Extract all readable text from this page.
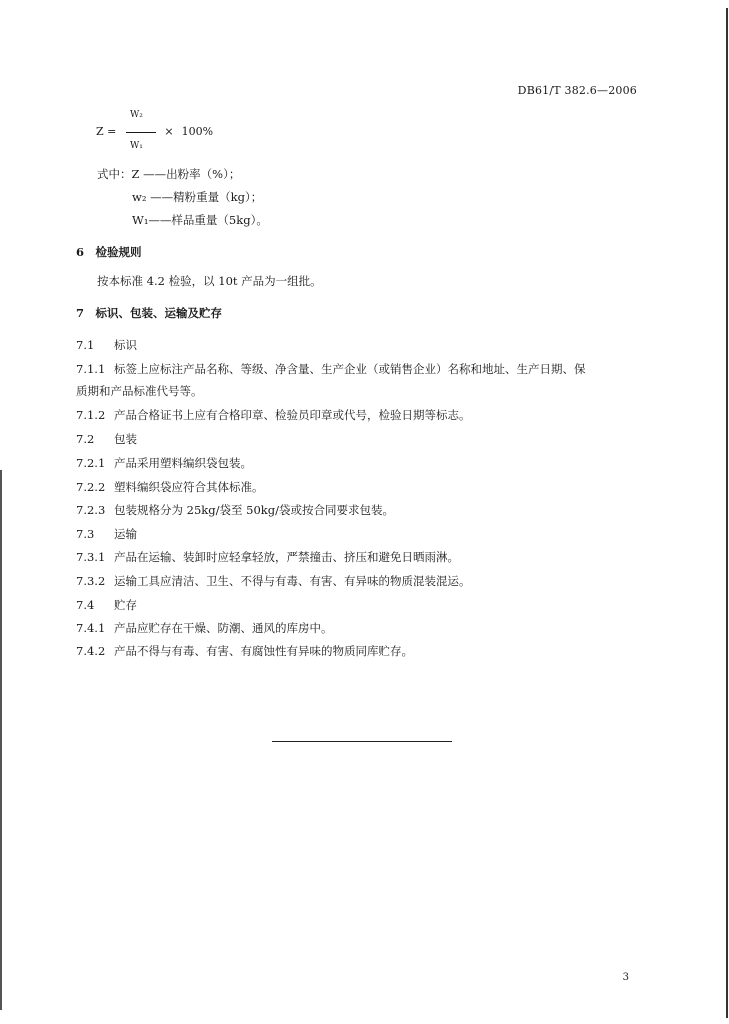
DB61/T 382.6—2006
W₂
Z =	× 100%
W₁
式中：Z ——出粉率（%）；
w₂ ——精粉重量（kg）；
W₁——样品重量（5kg）。
6　检验规则
按本标准 4.2 检验，以 10t 产品为一组批。
7　标识、包装、运输及贮存
7.1 标识
7.1.1 标签上应标注产品名称、等级、净含量、生产企业（或销售企业）名称和地址、生产日期、保
质期和产品标准代号等。
7.1.2 产品合格证书上应有合格印章、检验员印章或代号，检验日期等标志。
7.2 包装
7.2.1 产品采用塑料编织袋包装。
7.2.2 塑料编织袋应符合其体标准。
7.2.3 包装规格分为 25kg/袋至 50kg/袋或按合同要求包装。
7.3 运输
7.3.1 产品在运输、装卸时应轻拿轻放，严禁撞击、挤压和避免日晒雨淋。
7.3.2 运输工具应清洁、卫生、不得与有毒、有害、有异味的物质混装混运。
7.4 贮存
7.4.1 产品应贮存在干燥、防潮、通风的库房中。
7.4.2 产品不得与有毒、有害、有腐蚀性有异味的物质同库贮存。
3
